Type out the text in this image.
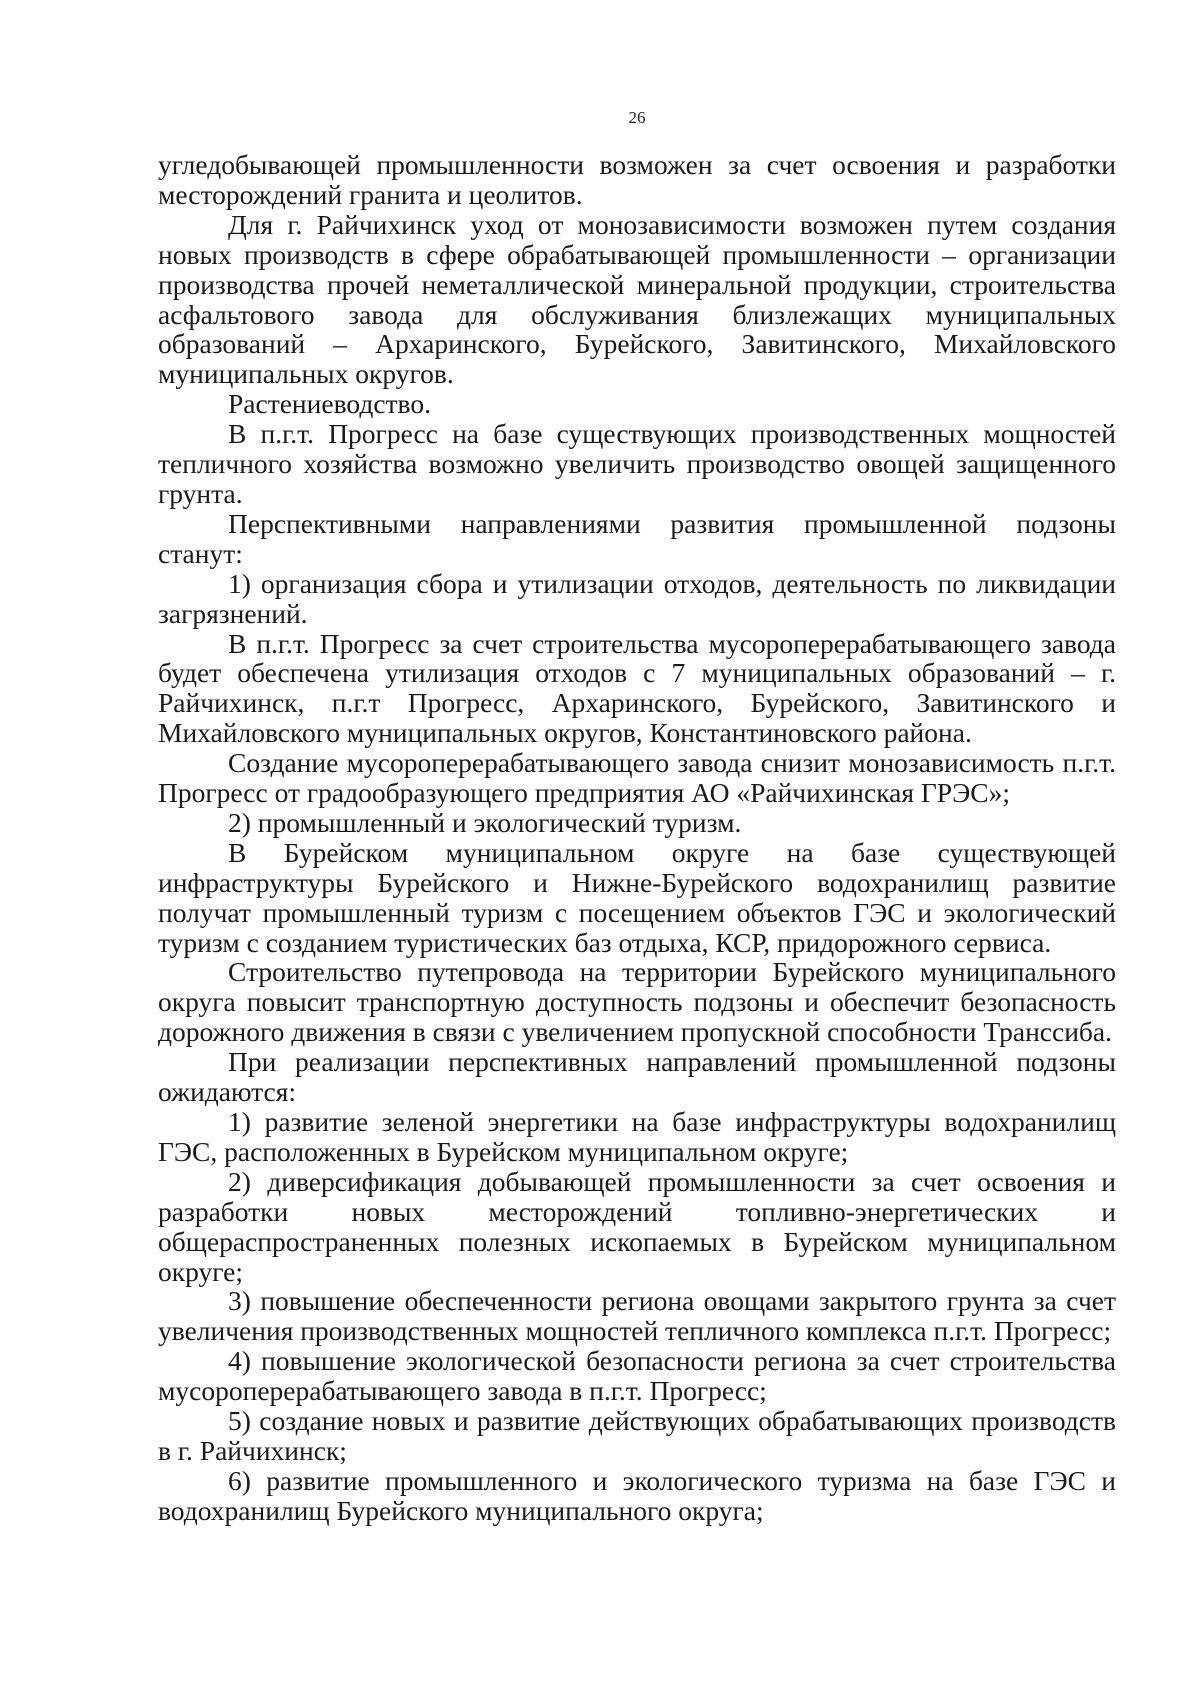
26

угледобывающей промышленности возможен за счет освоения и разработки месторождений гранита и цеолитов.

Для г. Райчихинск уход от монозависимости возможен путем создания новых производств в сфере обрабатывающей промышленности – организации производства прочей неметаллической минеральной продукции, строительства асфальтового завода для обслуживания близлежащих муниципальных образований – Архаринского, Бурейского, Завитинского, Михайловского муниципальных округов.

Растениеводство.

В п.г.т. Прогресс на базе существующих производственных мощностей тепличного хозяйства возможно увеличить производство овощей защищенного грунта.

Перспективными направлениями развития промышленной подзоны станут:

1) организация сбора и утилизации отходов, деятельность по ликвидации загрязнений.

В п.г.т. Прогресс за счет строительства мусороперерабатывающего завода будет обеспечена утилизация отходов с 7 муниципальных образований – г. Райчихинск, п.г.т Прогресс, Архаринского, Бурейского, Завитинского и Михайловского муниципальных округов, Константиновского района.

Создание мусороперерабатывающего завода снизит монозависимость п.г.т. Прогресс от градообразующего предприятия АО «Райчихинская ГРЭС»;

2) промышленный и экологический туризм.

В Бурейском муниципальном округе на базе существующей инфраструктуры Бурейского и Нижне-Бурейского водохранилищ развитие получат промышленный туризм с посещением объектов ГЭС и экологический туризм с созданием туристических баз отдыха, КСР, придорожного сервиса.

Строительство путепровода на территории Бурейского муниципального округа повысит транспортную доступность подзоны и обеспечит безопасность дорожного движения в связи с увеличением пропускной способности Транссиба.

При реализации перспективных направлений промышленной подзоны ожидаются:

1) развитие зеленой энергетики на базе инфраструктуры водохранилищ ГЭС, расположенных в Бурейском муниципальном округе;

2) диверсификация добывающей промышленности за счет освоения и разработки новых месторождений топливно-энергетических и общераспространенных полезных ископаемых в Бурейском муниципальном округе;

3) повышение обеспеченности региона овощами закрытого грунта за счет увеличения производственных мощностей тепличного комплекса п.г.т. Прогресс;

4) повышение экологической безопасности региона за счет строительства мусороперерабатывающего завода в п.г.т. Прогресс;

5) создание новых и развитие действующих обрабатывающих производств в г. Райчихинск;

6) развитие промышленного и экологического туризма на базе ГЭС и водохранилищ Бурейского муниципального округа;
